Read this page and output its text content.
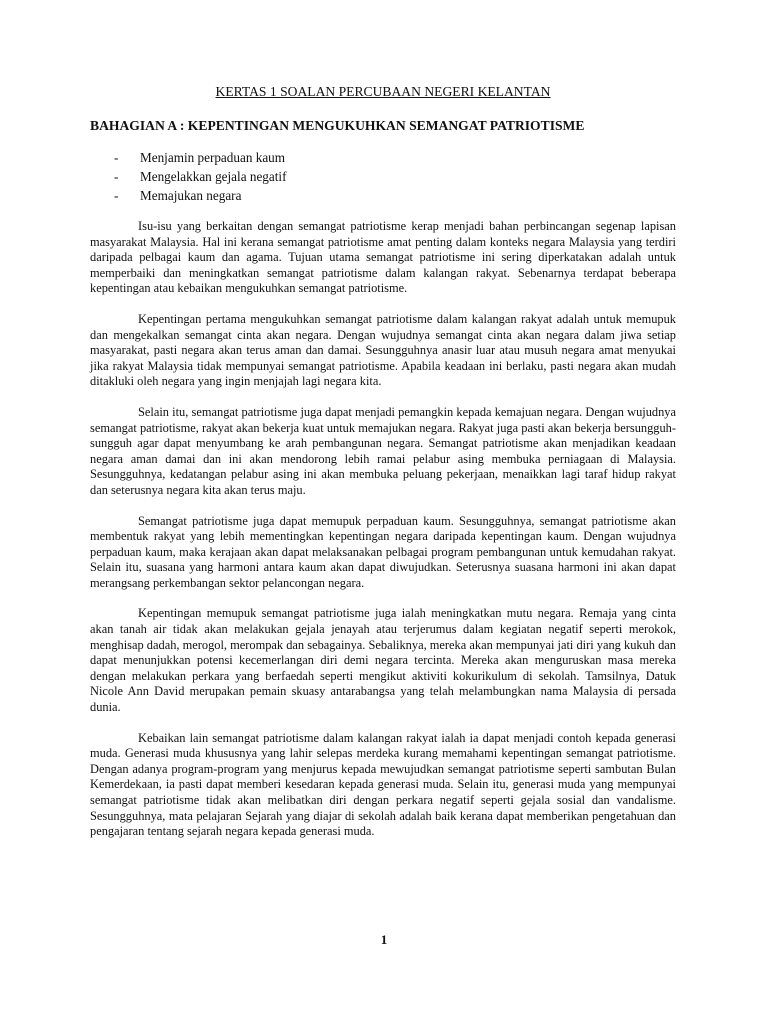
KERTAS 1 SOALAN PERCUBAAN NEGERI KELANTAN
BAHAGIAN A : KEPENTINGAN MENGUKUHKAN SEMANGAT PATRIOTISME
-	Menjamin perpaduan kaum
-	Mengelakkan gejala negatif
-	Memajukan negara

Isu-isu yang berkaitan dengan semangat patriotisme kerap menjadi bahan perbincangan segenap lapisan masyarakat Malaysia. Hal ini kerana semangat patriotisme amat penting dalam konteks negara Malaysia yang terdiri daripada pelbagai kaum dan agama. Tujuan utama semangat patriotisme ini sering diperkatakan adalah untuk memperbaiki dan meningkatkan semangat patriotisme dalam kalangan rakyat. Sebenarnya terdapat beberapa kepentingan atau kebaikan mengukuhkan semangat patriotisme.

Kepentingan pertama mengukuhkan semangat patriotisme dalam kalangan rakyat adalah untuk memupuk dan mengekalkan semangat cinta akan negara. Dengan wujudnya semangat cinta akan negara dalam jiwa setiap masyarakat, pasti negara akan terus aman dan damai. Sesungguhnya anasir luar atau musuh negara amat menyukai jika rakyat Malaysia tidak mempunyai semangat patriotisme. Apabila keadaan ini berlaku, pasti negara akan mudah ditakluki oleh negara yang ingin menjajah lagi negara kita.

Selain itu, semangat patriotisme juga dapat menjadi pemangkin kepada kemajuan negara. Dengan wujudnya semangat patriotisme, rakyat akan bekerja kuat untuk memajukan negara. Rakyat juga pasti akan bekerja bersungguh-sungguh agar dapat menyumbang ke arah pembangunan negara. Semangat patriotisme akan menjadikan keadaan negara aman damai dan ini akan mendorong lebih ramai pelabur asing membuka perniagaan di Malaysia. Sesungguhnya, kedatangan pelabur asing ini akan membuka peluang pekerjaan, menaikkan lagi taraf hidup rakyat dan seterusnya negara kita akan terus maju.

Semangat patriotisme juga dapat memupuk perpaduan kaum. Sesungguhnya, semangat patriotisme akan membentuk rakyat yang lebih mementingkan kepentingan negara daripada kepentingan kaum. Dengan wujudnya perpaduan kaum, maka kerajaan akan dapat melaksanakan pelbagai program pembangunan untuk kemudahan rakyat. Selain itu, suasana yang harmoni antara kaum akan dapat diwujudkan. Seterusnya suasana harmoni ini akan dapat merangsang perkembangan sektor pelancongan negara.

Kepentingan memupuk semangat patriotisme juga ialah meningkatkan mutu negara. Remaja yang cinta akan tanah air tidak akan melakukan gejala jenayah atau terjerumus dalam kegiatan negatif seperti merokok, menghisap dadah, merogol, merompak dan sebagainya. Sebaliknya, mereka akan mempunyai jati diri yang kukuh dan dapat menunjukkan potensi kecemerlangan diri demi negara tercinta. Mereka akan menguruskan masa mereka dengan melakukan perkara yang berfaedah seperti mengikut aktiviti kokurikulum di sekolah. Tamsilnya, Datuk Nicole Ann David merupakan pemain skuasy antarabangsa yang telah melambungkan nama Malaysia di persada dunia.

Kebaikan lain semangat patriotisme dalam kalangan rakyat ialah ia dapat menjadi contoh kepada generasi muda. Generasi muda khususnya yang lahir selepas merdeka kurang memahami kepentingan semangat patriotisme. Dengan adanya program-program yang menjurus kepada mewujudkan semangat patriotisme seperti sambutan Bulan Kemerdekaan, ia pasti dapat memberi kesedaran kepada generasi muda. Selain itu, generasi muda yang mempunyai semangat patriotisme tidak akan melibatkan diri dengan perkara negatif seperti gejala sosial dan vandalisme. Sesungguhnya, mata pelajaran Sejarah yang diajar di sekolah adalah baik kerana dapat memberikan pengetahuan dan pengajaran tentang sejarah negara kepada generasi muda.

1
